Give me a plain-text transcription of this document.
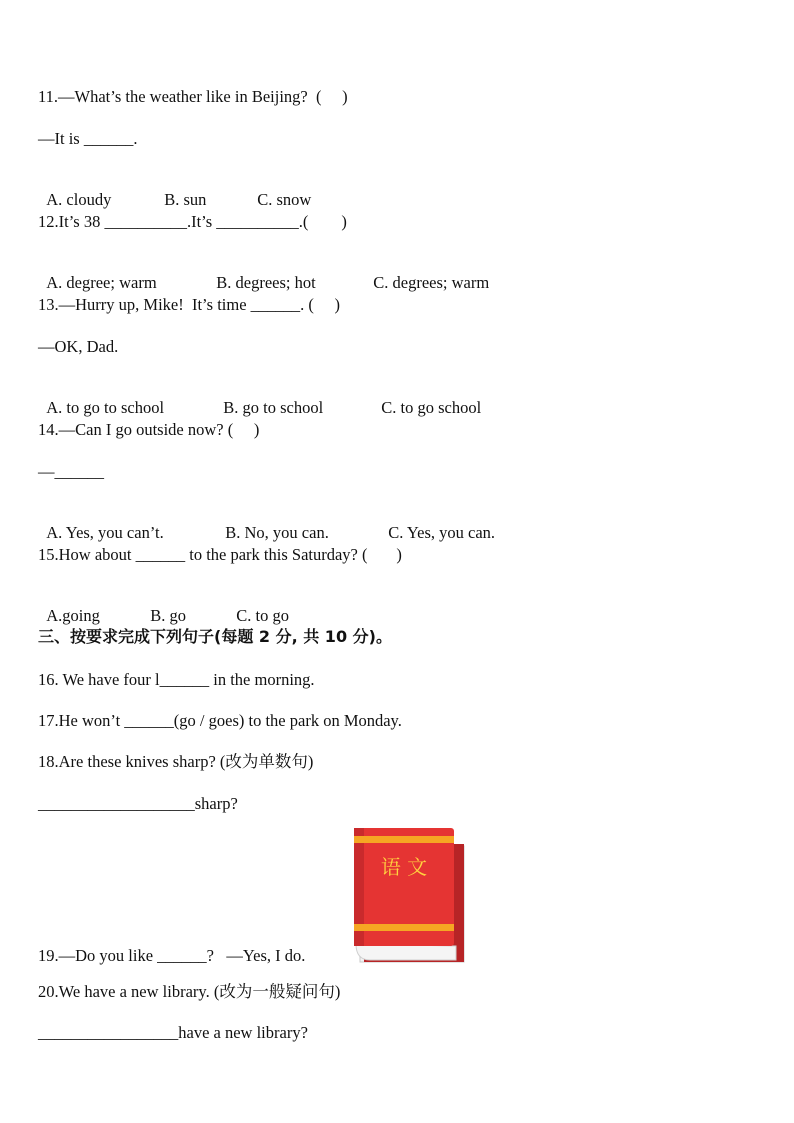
11.—What’s the weather like in Beijing?  (     )
—It is ______.

A. cloudy	B. sun	C. snow

12.It’s 38 __________.It’s __________.(        )

A. degree; warm	B. degrees; hot	C. degrees; warm

13.—Hurry up, Mike!  It’s time ______. (     )
—OK, Dad.

A. to go to school	B. go to school	C. to go school

14.—Can I go outside now? (     )
—______

A. Yes, you can’t.	B. No, you can.	C. Yes, you can.

15.How about ______ to the park this Saturday? (       )

A.going	B. go	C. to go

三、按要求完成下列句子(每题 2 分, 共 10 分)。
16. We have four l______ in the morning.
17.He won’t ______(go / goes) to the park on Monday.
18.Are these knives sharp? (改为单数句)
___________________sharp?
语 文
19.—Do you like ______?   —Yes, I do.
20.We have a new library. (改为一般疑问句)
_________________have a new library?
